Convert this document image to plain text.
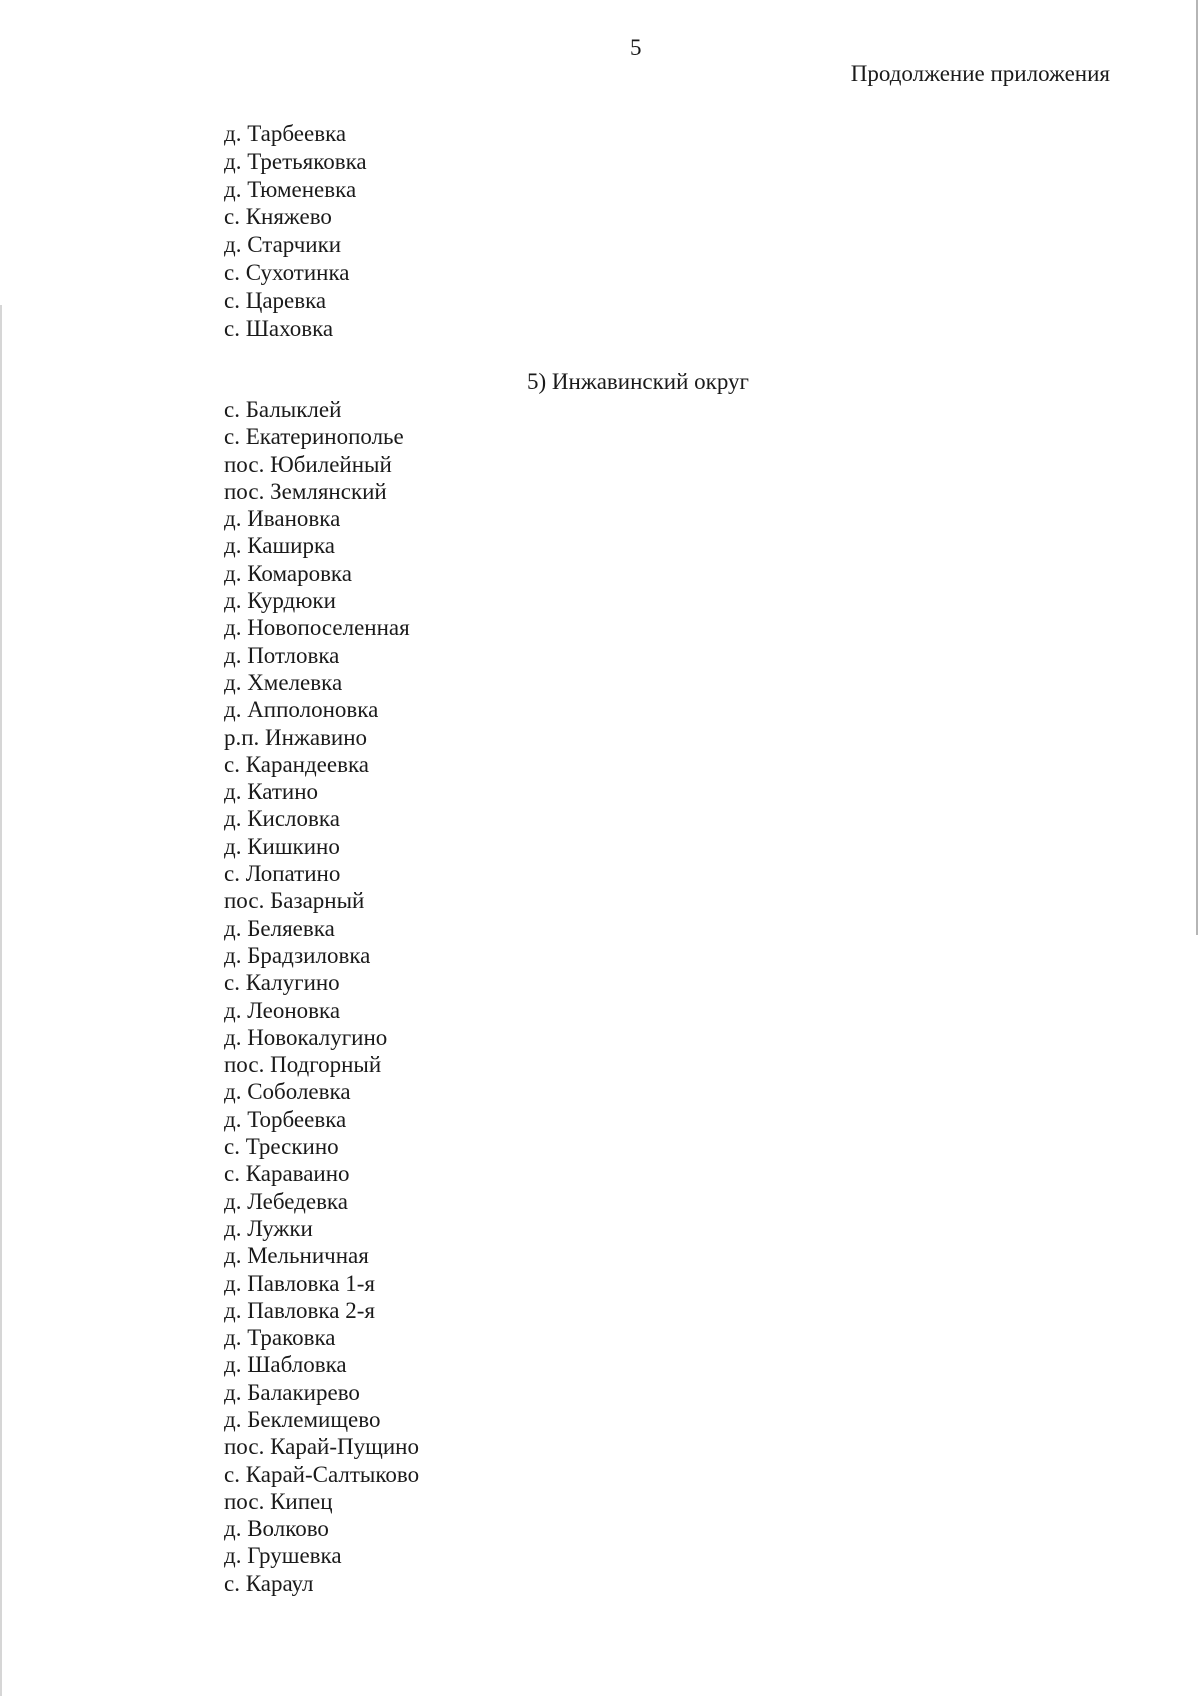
5
Продолжение приложения
д. Тарбеевка
д. Третьяковка
д. Тюменевка
с. Княжево
д. Старчики
с. Сухотинка
с. Царевка
с. Шаховка
5) Инжавинский округ
с. Балыклей
с. Екатеринополье
пос. Юбилейный
пос. Землянский
д. Ивановка
д. Каширка
д. Комаровка
д. Курдюки
д. Новопоселенная
д. Потловка
д. Хмелевка
д. Апполоновка
р.п. Инжавино
с. Карандеевка
д. Катино
д. Кисловка
д. Кишкино
с. Лопатино
пос. Базарный
д. Беляевка
д. Брадзиловка
с. Калугино
д. Леоновка
д. Новокалугино
пос. Подгорный
д. Соболевка
д. Торбеевка
с. Трескино
с. Караваино
д. Лебедевка
д. Лужки
д. Мельничная
д. Павловка 1-я
д. Павловка 2-я
д. Траковка
д. Шабловка
д. Балакирево
д. Беклемищево
пос. Карай-Пущино
с. Карай-Салтыково
пос. Кипец
д. Волково
д. Грушевка
с. Караул
